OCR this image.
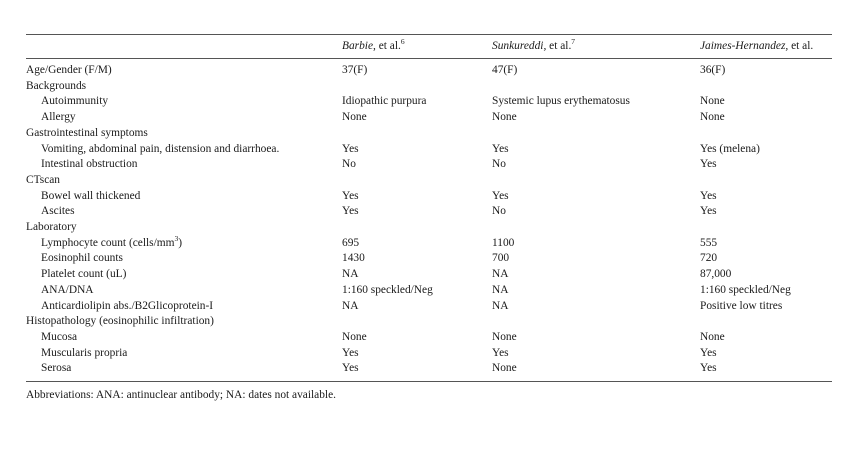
	Barbie, et al.$^6$	Sunkureddi, et al.$^7$	Jaimes-Hernandez, et al.
Age/Gender (F/M)	37(F)	47(F)	36(F)
Backgrounds			
Autoimmunity	Idiopathic purpura	Systemic lupus erythematosus	None
Allergy	None	None	None
Gastrointestinal symptoms			
Vomiting, abdominal pain, distension and diarrhoea.	Yes	Yes	Yes (melena)
Intestinal obstruction	No	No	Yes
CTscan			
Bowel wall thickened	Yes	Yes	Yes
Ascites	Yes	No	Yes
Laboratory			
Lymphocyte count $(cells/mm^3)$	695	1100	555
Eosinophil counts	1430	700	720
Platelet count (uL)	NA	NA	87,000
ANA/DNA	1:160 speckled/Neg	NA	1:160 speckled/Neg
Anticardiolipin abs./B2Glicoprotein-I	NA	NA	Positive low titres
Histopathology (eosinophilic infiltration)			
Mucosa	None	None	None
Muscularis propria	Yes	Yes	Yes
Serosa	Yes	None	Yes
Abbreviations: ANA: antinuclear antibody; NA: dates not available.
